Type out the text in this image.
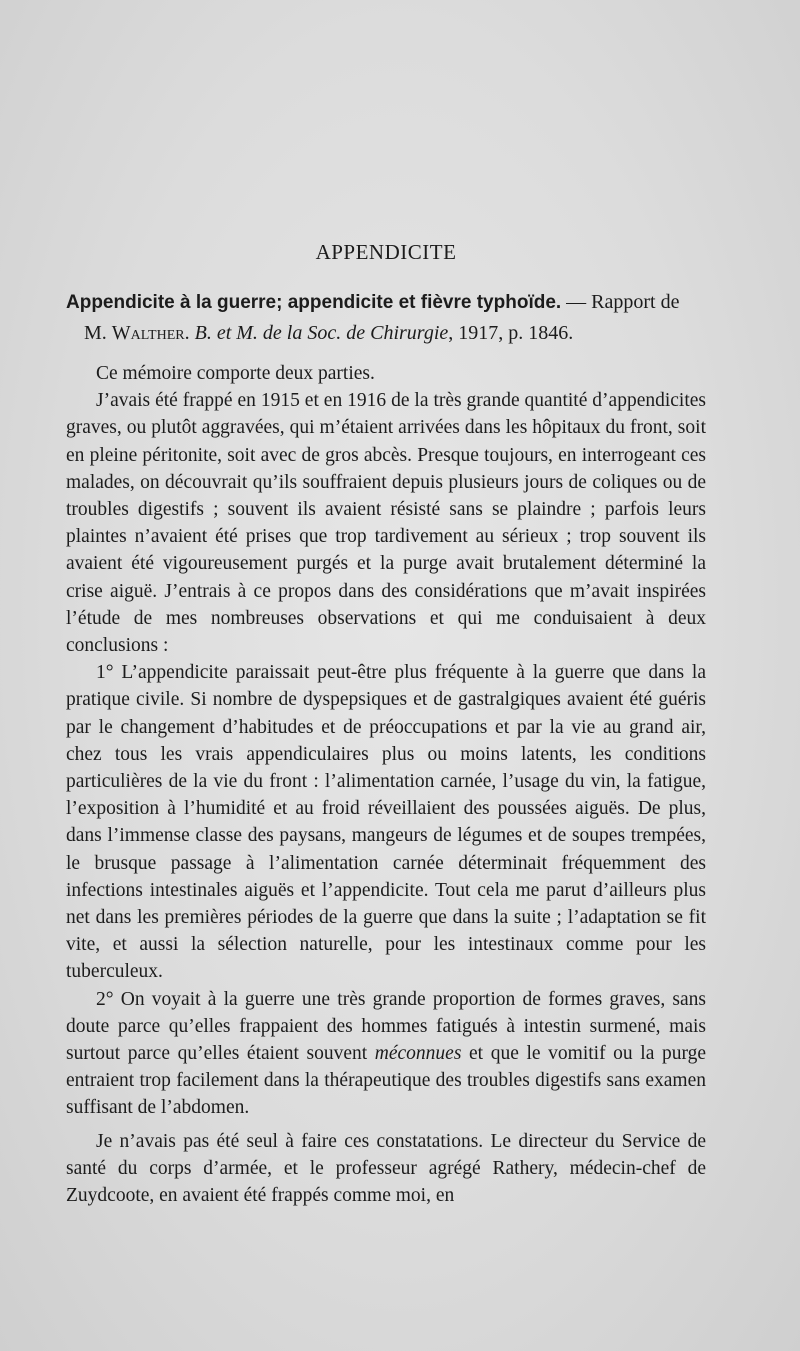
APPENDICITE

Appendicite à la guerre; appendicite et fièvre typhoïde. — Rapport de
M. Walther. B. et M. de la Soc. de Chirurgie, 1917, p. 1846.

Ce mémoire comporte deux parties.

J’avais été frappé en 1915 et en 1916 de la très grande quantité d’appendicites graves, ou plutôt aggravées, qui m’étaient arrivées dans les hôpitaux du front, soit en pleine péritonite, soit avec de gros abcès. Presque toujours, en interrogeant ces malades, on découvrait qu’ils souffraient depuis plusieurs jours de coliques ou de troubles digestifs ; souvent ils avaient résisté sans se plaindre ; parfois leurs plaintes n’avaient été prises que trop tardivement au sérieux ; trop souvent ils avaient été vigoureusement purgés et la purge avait brutalement déterminé la crise aiguë. J’entrais à ce propos dans des considérations que m’avait inspirées l’étude de mes nombreuses observations et qui me conduisaient à deux conclusions :

1° L’appendicite paraissait peut-être plus fréquente à la guerre que dans la pratique civile. Si nombre de dyspepsiques et de gastralgiques avaient été guéris par le changement d’habitudes et de préoccupations et par la vie au grand air, chez tous les vrais appendiculaires plus ou moins latents, les conditions particulières de la vie du front : l’alimentation carnée, l’usage du vin, la fatigue, l’exposition à l’humidité et au froid réveillaient des poussées aiguës. De plus, dans l’immense classe des paysans, mangeurs de légumes et de soupes trempées, le brusque passage à l’alimentation carnée déterminait fréquemment des infections intestinales aiguës et l’appendicite. Tout cela me parut d’ailleurs plus net dans les premières périodes de la guerre que dans la suite ; l’adaptation se fit vite, et aussi la sélection naturelle, pour les intestinaux comme pour les tuberculeux.

2° On voyait à la guerre une très grande proportion de formes graves, sans doute parce qu’elles frappaient des hommes fatigués à intestin surmené, mais surtout parce qu’elles étaient souvent méconnues et que le vomitif ou la purge entraient trop facilement dans la thérapeutique des troubles digestifs sans examen suffisant de l’abdomen.

Je n’avais pas été seul à faire ces constatations. Le directeur du Service de santé du corps d’armée, et le professeur agrégé Rathery, médecin-chef de Zuydcoote, en avaient été frappés comme moi, en
